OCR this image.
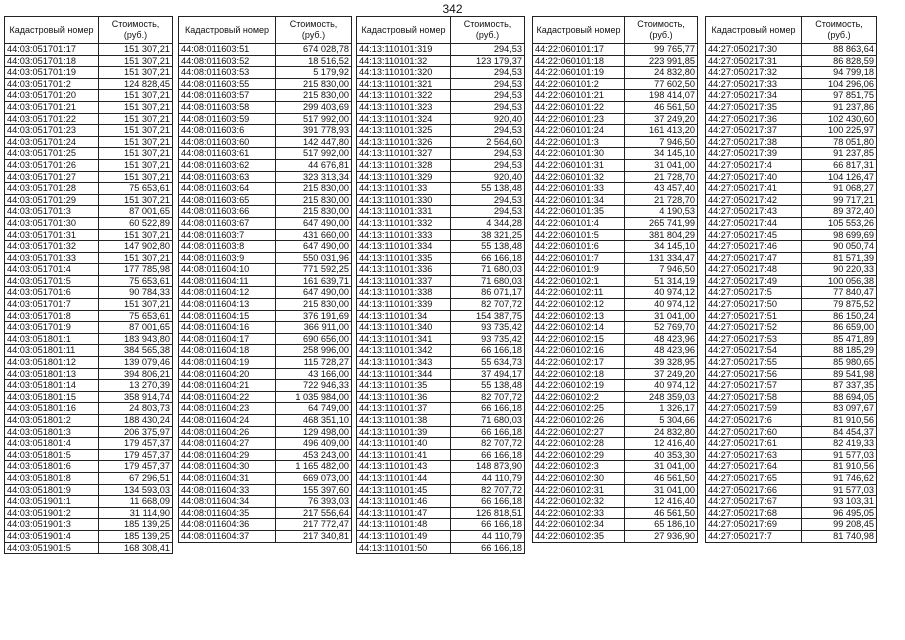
342
Кадастровый номер	Стоимость, (руб.)
44:03:051701:17	151 307,21
44:03:051701:18	151 307,21
44:03:051701:19	151 307,21
44:03:051701:2	124 828,45
44:03:051701:20	151 307,21
44:03:051701:21	151 307,21
44:03:051701:22	151 307,21
44:03:051701:23	151 307,21
44:03:051701:24	151 307,21
44:03:051701:25	151 307,21
44:03:051701:26	151 307,21
44:03:051701:27	151 307,21
44:03:051701:28	75 653,61
44:03:051701:29	151 307,21
44:03:051701:3	87 001,65
44:03:051701:30	60 522,89
44:03:051701:31	151 307,21
44:03:051701:32	147 902,80
44:03:051701:33	151 307,21
44:03:051701:4	177 785,98
44:03:051701:5	75 653,61
44:03:051701:6	90 784,33
44:03:051701:7	151 307,21
44:03:051701:8	75 653,61
44:03:051701:9	87 001,65
44:03:051801:1	183 943,80
44:03:051801:11	384 565,38
44:03:051801:12	139 079,46
44:03:051801:13	394 806,21
44:03:051801:14	13 270,39
44:03:051801:15	358 914,74
44:03:051801:16	24 803,73
44:03:051801:2	188 430,24
44:03:051801:3	206 375,97
44:03:051801:4	179 457,37
44:03:051801:5	179 457,37
44:03:051801:6	179 457,37
44:03:051801:8	67 296,51
44:03:051801:9	134 593,03
44:03:051901:1	11 668,09
44:03:051901:2	31 114,90
44:03:051901:3	185 139,25
44:03:051901:4	185 139,25
44:03:051901:5	168 308,41
Кадастровый номер	Стоимость, (руб.)
44:08:011603:51	674 028,78
44:08:011603:52	18 516,52
44:08:011603:53	5 179,92
44:08:011603:55	215 830,00
44:08:011603:57	215 830,00
44:08:011603:58	299 403,69
44:08:011603:59	517 992,00
44:08:011603:6	391 778,93
44:08:011603:60	142 447,80
44:08:011603:61	517 992,00
44:08:011603:62	44 676,81
44:08:011603:63	323 313,34
44:08:011603:64	215 830,00
44:08:011603:65	215 830,00
44:08:011603:66	215 830,00
44:08:011603:67	647 490,00
44:08:011603:7	431 660,00
44:08:011603:8	647 490,00
44:08:011603:9	550 031,96
44:08:011604:10	771 592,25
44:08:011604:11	161 639,71
44:08:011604:12	647 490,00
44:08:011604:13	215 830,00
44:08:011604:15	376 191,69
44:08:011604:16	366 911,00
44:08:011604:17	690 656,00
44:08:011604:18	258 996,00
44:08:011604:19	115 728,27
44:08:011604:20	43 166,00
44:08:011604:21	722 946,33
44:08:011604:22	1 035 984,00
44:08:011604:23	64 749,00
44:08:011604:24	468 351,10
44:08:011604:26	129 498,00
44:08:011604:27	496 409,00
44:08:011604:29	453 243,00
44:08:011604:30	1 165 482,00
44:08:011604:31	669 073,00
44:08:011604:33	155 397,60
44:08:011604:34	76 393,03
44:08:011604:35	217 556,64
44:08:011604:36	217 772,47
44:08:011604:37	217 340,81
Кадастровый номер	Стоимость, (руб.)
44:13:110101:319	294,53
44:13:110101:32	123 179,37
44:13:110101:320	294,53
44:13:110101:321	294,53
44:13:110101:322	294,53
44:13:110101:323	294,53
44:13:110101:324	920,40
44:13:110101:325	294,53
44:13:110101:326	2 564,60
44:13:110101:327	294,53
44:13:110101:328	294,53
44:13:110101:329	920,40
44:13:110101:33	55 138,48
44:13:110101:330	294,53
44:13:110101:331	294,53
44:13:110101:332	4 344,28
44:13:110101:333	38 321,25
44:13:110101:334	55 138,48
44:13:110101:335	66 166,18
44:13:110101:336	71 680,03
44:13:110101:337	71 680,03
44:13:110101:338	86 071,17
44:13:110101:339	82 707,72
44:13:110101:34	154 387,75
44:13:110101:340	93 735,42
44:13:110101:341	93 735,42
44:13:110101:342	66 166,18
44:13:110101:343	55 634,73
44:13:110101:344	37 494,17
44:13:110101:35	55 138,48
44:13:110101:36	82 707,72
44:13:110101:37	66 166,18
44:13:110101:38	71 680,03
44:13:110101:39	66 166,18
44:13:110101:40	82 707,72
44:13:110101:41	66 166,18
44:13:110101:43	148 873,90
44:13:110101:44	44 110,79
44:13:110101:45	82 707,72
44:13:110101:46	66 166,18
44:13:110101:47	126 818,51
44:13:110101:48	66 166,18
44:13:110101:49	44 110,79
44:13:110101:50	66 166,18
Кадастровый номер	Стоимость, (руб.)
44:22:060101:17	99 765,77
44:22:060101:18	223 991,85
44:22:060101:19	24 832,80
44:22:060101:2	77 602,50
44:22:060101:21	198 414,07
44:22:060101:22	46 561,50
44:22:060101:23	37 249,20
44:22:060101:24	161 413,20
44:22:060101:3	7 946,50
44:22:060101:30	34 145,10
44:22:060101:31	31 041,00
44:22:060101:32	21 728,70
44:22:060101:33	43 457,40
44:22:060101:34	21 728,70
44:22:060101:35	4 190,53
44:22:060101:4	265 741,99
44:22:060101:5	381 804,29
44:22:060101:6	34 145,10
44:22:060101:7	131 334,47
44:22:060101:9	7 946,50
44:22:060102:1	51 314,19
44:22:060102:11	40 974,12
44:22:060102:12	40 974,12
44:22:060102:13	31 041,00
44:22:060102:14	52 769,70
44:22:060102:15	48 423,96
44:22:060102:16	48 423,96
44:22:060102:17	39 328,95
44:22:060102:18	37 249,20
44:22:060102:19	40 974,12
44:22:060102:2	248 359,03
44:22:060102:25	1 326,17
44:22:060102:26	5 304,66
44:22:060102:27	24 832,80
44:22:060102:28	12 416,40
44:22:060102:29	40 353,30
44:22:060102:3	31 041,00
44:22:060102:30	46 561,50
44:22:060102:31	31 041,00
44:22:060102:32	12 416,40
44:22:060102:33	46 561,50
44:22:060102:34	65 186,10
44:22:060102:35	27 936,90
Кадастровый номер	Стоимость, (руб.)
44:27:050217:30	88 863,64
44:27:050217:31	86 828,59
44:27:050217:32	94 799,18
44:27:050217:33	104 296,06
44:27:050217:34	97 851,75
44:27:050217:35	91 237,86
44:27:050217:36	102 430,60
44:27:050217:37	100 225,97
44:27:050217:38	78 051,80
44:27:050217:39	91 237,85
44:27:050217:4	66 817,31
44:27:050217:40	104 126,47
44:27:050217:41	91 068,27
44:27:050217:42	99 717,21
44:27:050217:43	89 372,40
44:27:050217:44	105 553,26
44:27:050217:45	98 699,69
44:27:050217:46	90 050,74
44:27:050217:47	81 571,39
44:27:050217:48	90 220,33
44:27:050217:49	100 056,38
44:27:050217:5	77 840,47
44:27:050217:50	79 875,52
44:27:050217:51	86 150,24
44:27:050217:52	86 659,00
44:27:050217:53	85 471,89
44:27:050217:54	88 185,29
44:27:050217:55	85 980,65
44:27:050217:56	89 541,98
44:27:050217:57	87 337,35
44:27:050217:58	88 694,05
44:27:050217:59	83 097,67
44:27:050217:6	81 910,56
44:27:050217:60	84 454,37
44:27:050217:61	82 419,33
44:27:050217:63	91 577,03
44:27:050217:64	81 910,56
44:27:050217:65	91 746,62
44:27:050217:66	91 577,03
44:27:050217:67	93 103,31
44:27:050217:68	96 495,05
44:27:050217:69	99 208,45
44:27:050217:7	81 740,98
